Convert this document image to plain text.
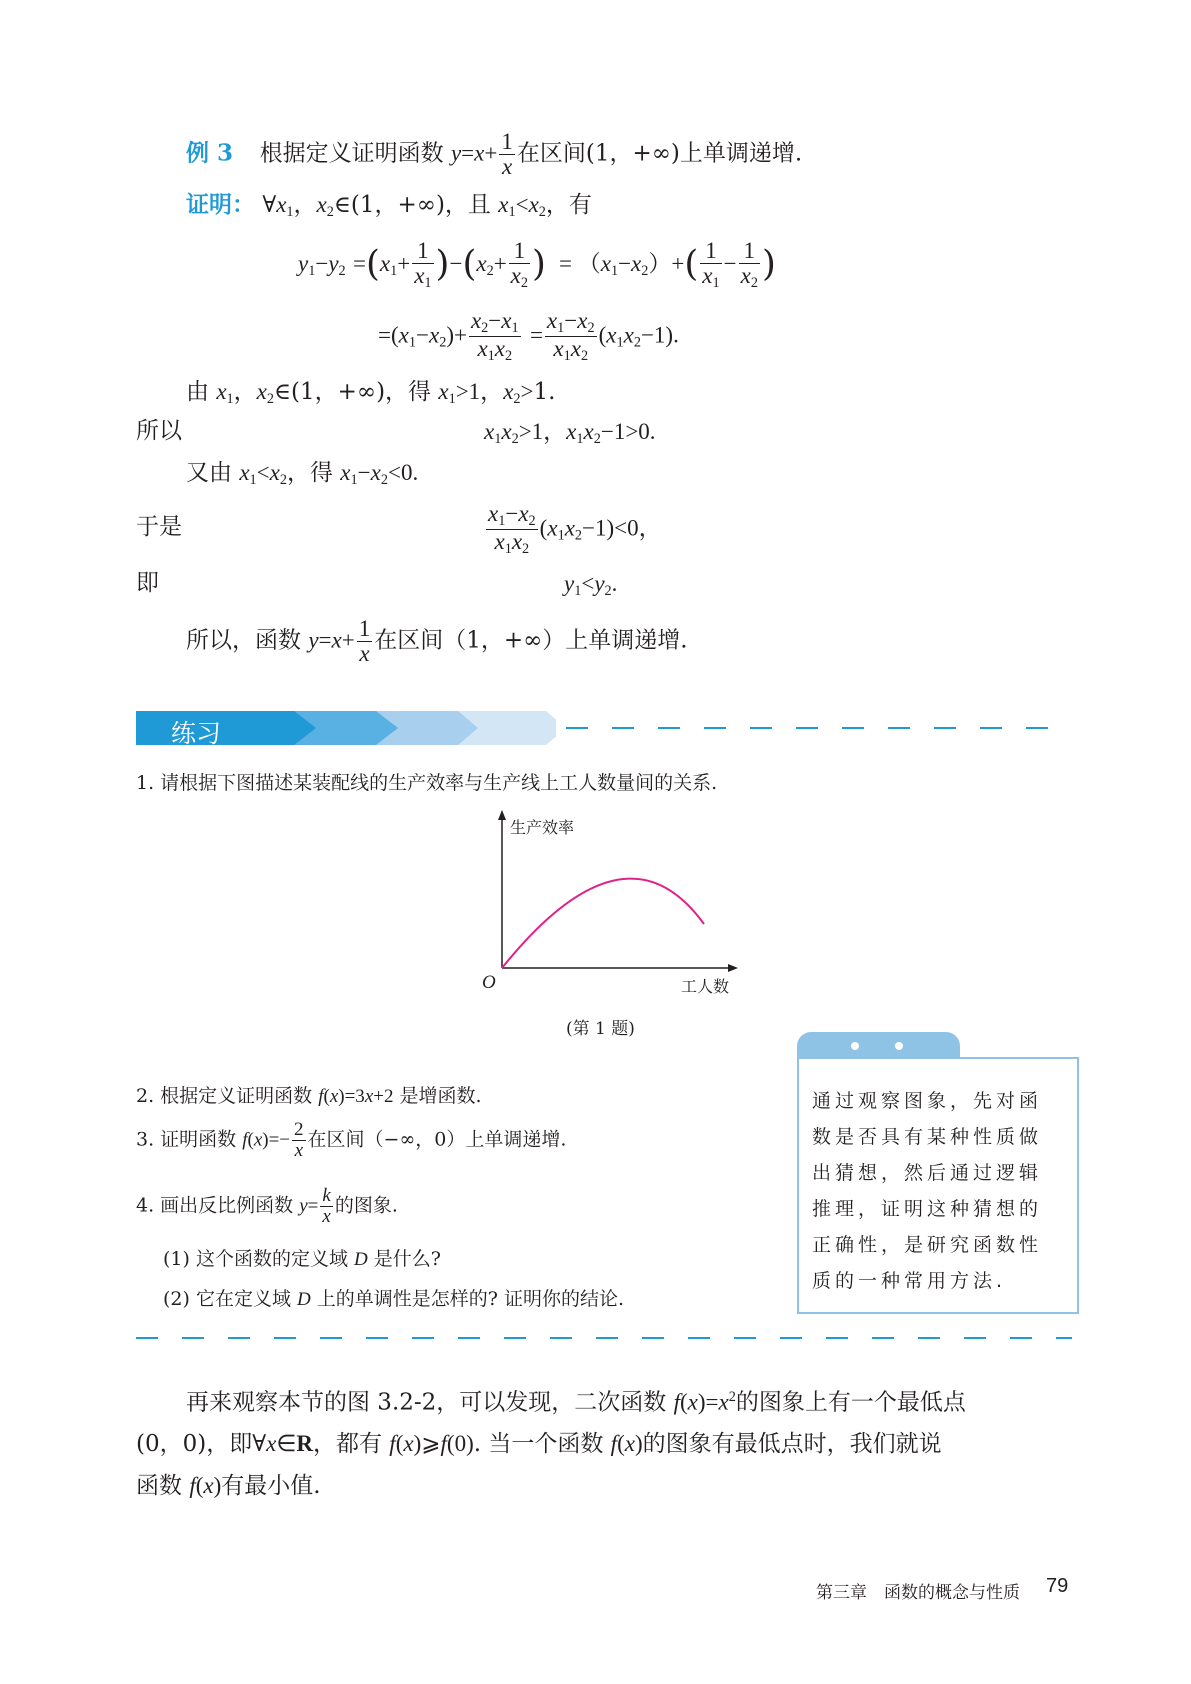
例 3 根据定义证明函数 $y=x+ \frac{1}{x}$ 在区间(1，+∞)上单调递增.
证明： $\forall x_1$，$x_2\in(1$，+∞)，且 $x_1<x_2$，有
$y_1-y_2 =(x_1+ \frac{1}{x_1} )-(x_2+ \frac{1}{x_2}$ )  = $(x_1-x_2)+( \frac{1}{x_1} - \frac{1}{x_2}$ )
$=(x_1-x_2)+ \frac{x_2-x_1}{x_1x_2} = \frac{x_1-x_2}{x_1x_2} (x_1x_2-1)$.
由 $x_1$，$x_2\in(1$，+∞)，得 $x_1>1$，$x_2>1$.
所以	$x_1x_2>1$，$x_1x_2-1>0$.
又由 $x_1<x_2$，得 $x_1-x_2<0$.
于是	$\frac{x_1-x_2}{x_1x_2} (x_1x_2-1)<0$，
即	$y_1<y_2$.
所以，函数 $y=x+ \frac{1}{x}$ 在区间（1，+∞）上单调递增.
练习
1. 请根据下图描述某装配线的生产效率与生产线上工人数量间的关系.
生产效率
工人数
O
(第 1 题)
2. 根据定义证明函数 f(x)=3x+2 是增函数.
3. 证明函数 $f(x)=- \frac{2}{x}$ 在区间（−∞，0）上单调递增.
4. 画出反比例函数 $y= \frac{k}{x}$ 的图象.
(1) 这个函数的定义域 D 是什么?
(2) 它在定义域 D 上的单调性是怎样的? 证明你的结论.
通过观察图象，先对函数是否具有某种性质做出猜想，然后通过逻辑推理，证明这种猜想的正确性，是研究函数性质的一种常用方法.
再来观察本节的图 3.2-2，可以发现，二次函数 $f(x)=x^2$的图象上有一个最低点
(0，0)，即∀x∈R，都有 f(x)⩾f(0). 当一个函数 f(x)的图象有最低点时，我们就说
函数 f(x)有最小值.
第三章　函数的概念与性质 79
